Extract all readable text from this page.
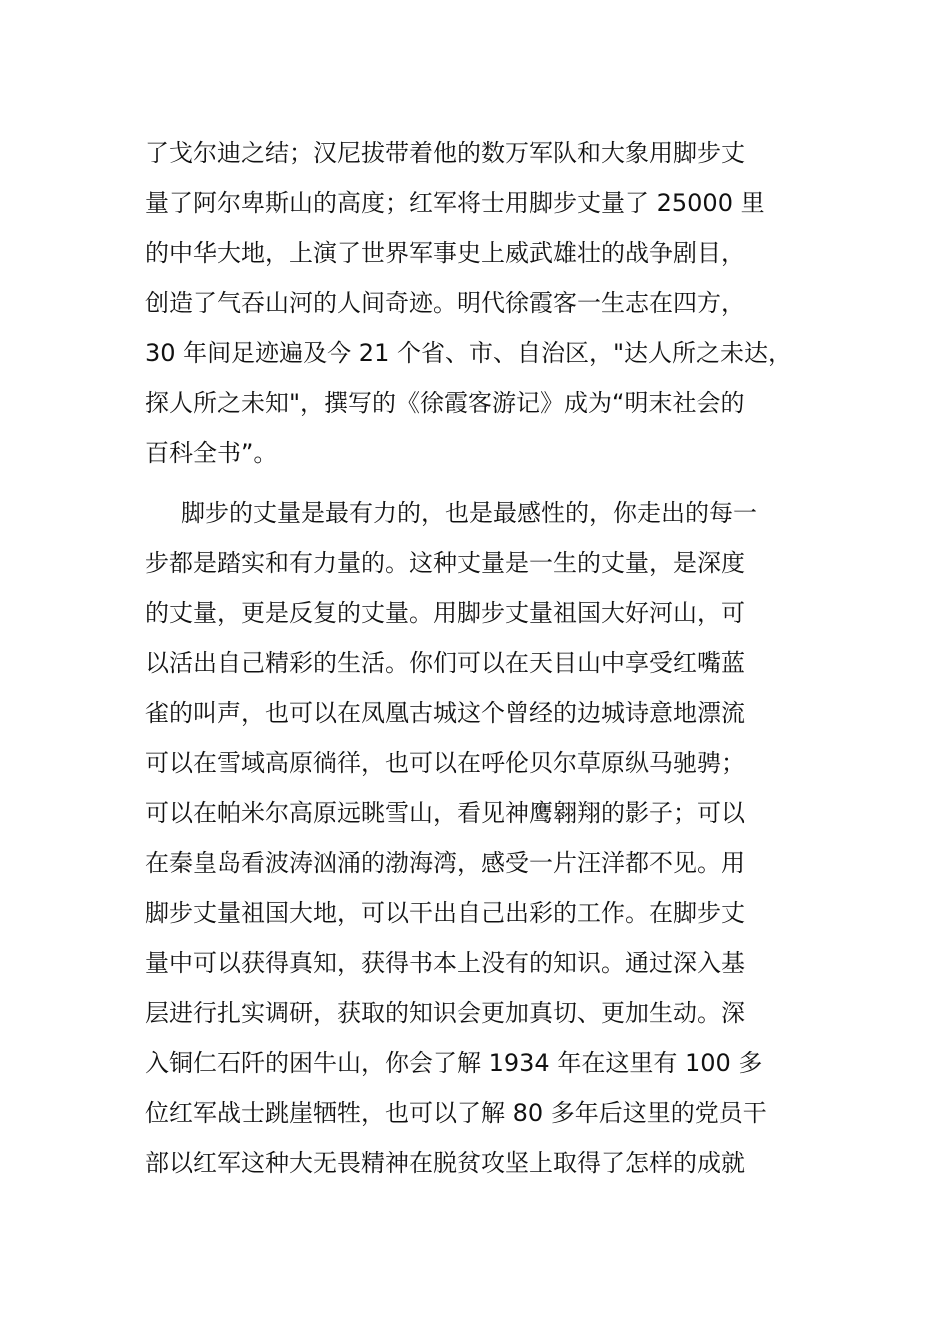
了戈尔迪之结；汉尼拔带着他的数万军队和大象用脚步丈
量了阿尔卑斯山的高度；红军将士用脚步丈量了 25000 里
的中华大地，上演了世界军事史上威武雄壮的战争剧目，
创造了气吞山河的人间奇迹。明代徐霞客一生志在四方，
30 年间足迹遍及今 21 个省、市、自治区，"达人所之未达，
探人所之未知"，撰写的《徐霞客游记》成为“明末社会的
百科全书”。
脚步的丈量是最有力的，也是最感性的，你走出的每一
步都是踏实和有力量的。这种丈量是一生的丈量，是深度
的丈量，更是反复的丈量。用脚步丈量祖国大好河山，可
以活出自己精彩的生活。你们可以在天目山中享受红嘴蓝
雀的叫声，也可以在凤凰古城这个曾经的边城诗意地漂流
可以在雪域高原徜徉，也可以在呼伦贝尔草原纵马驰骋；
可以在帕米尔高原远眺雪山，看见神鹰翱翔的影子；可以
在秦皇岛看波涛汹涌的渤海湾，感受一片汪洋都不见。用
脚步丈量祖国大地，可以干出自己出彩的工作。在脚步丈
量中可以获得真知，获得书本上没有的知识。通过深入基
层进行扎实调研，获取的知识会更加真切、更加生动。深
入铜仁石阡的困牛山，你会了解 1934 年在这里有 100 多
位红军战士跳崖牺牲，也可以了解 80 多年后这里的党员干
部以红军这种大无畏精神在脱贫攻坚上取得了怎样的成就
